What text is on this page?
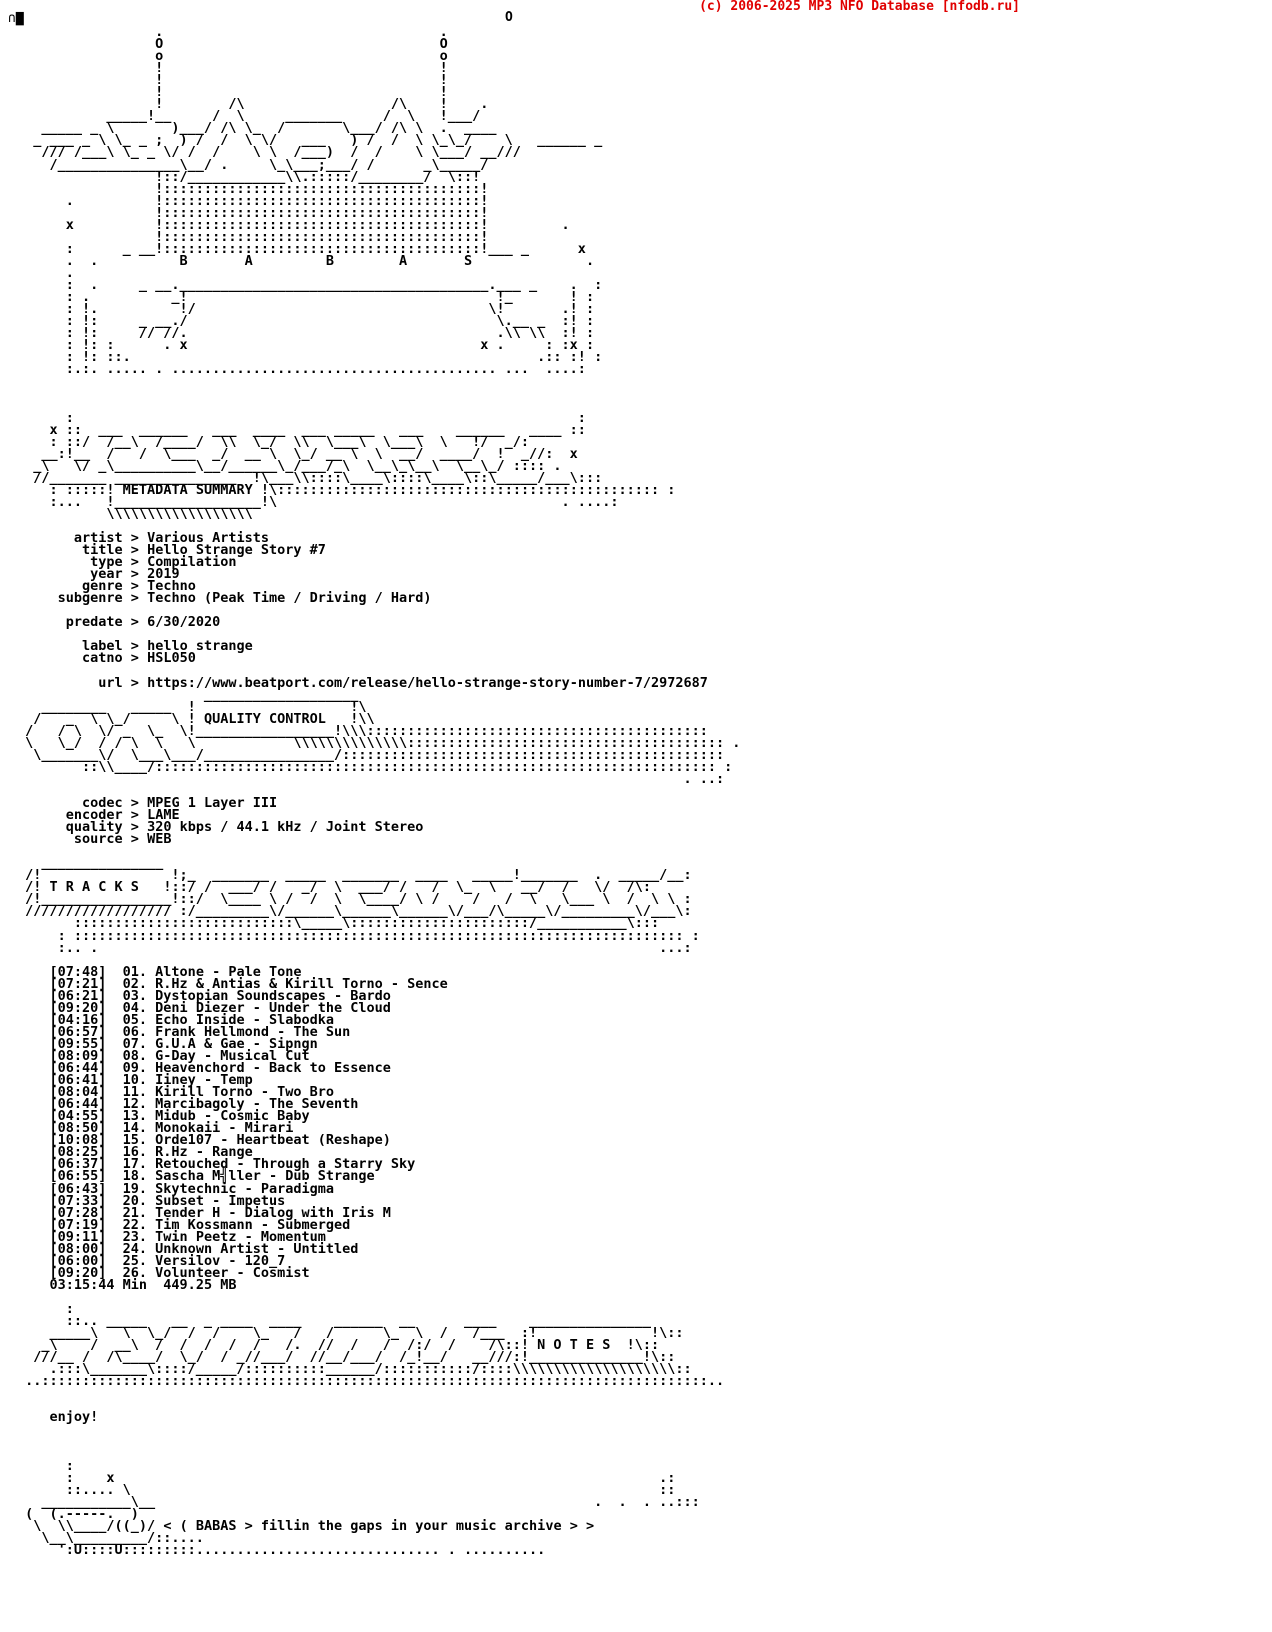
(c) 2006-2025 MP3 NFO Database [nfodb.ru]
O
∩▇
.                                  .
O                                  O
o                                  o
!                                  !
!                                  !
!                                  !
!        /\                  /\    !    .
_____!__     /  \     _______     /  \   !___/
_____ _ \       )___/ /\ \_  /       \___/ /\ \  .  ____
_ ___ _ \ \_ _ ;  ) /  /  \ \/   ___   ) /  /  \ \_\_/    \   ______ _
/// /___\ \_ _ \/ /  /    \ \  /___)  /  /    \ \___/ __///
/_______________\__/ .     \_\___;___/ /      _\_____/
!::/____________\\.:::::/________/  \::!
!:::::::::::::::::::::::::::::::::::::::!
.          !:::::::::::::::::::::::::::::::::::::::!
!:::::::::::::::::::::::::::::::::::::::!
x          !:::::::::::::::::::::::::::::::::::::::!         .
!:::::::::::::::::::::::::::::::::::::::!
:      _ __!:::::::::::::::::::::::::::::::::::::::!___ _      x
.  .          B       A         B        A       S              .
.
:  .     _ __.______________________________________.___ _    .  :
: .          _!                                      !_       ! :
: !.          !/                                    \!       .! :
: !:     _ __./                                      \.__ _  :! :
: !:     // //.                                      .\\ \\  :! :
: !: :      . x                                    x .     : :x :
: !: ::.                                                  .:: :! :
:.:. ..... . ........................................ ...  ....:

:                                                              :
x ::  ___  ______   ___  ____  ___ _____   ___    ______   ____ ::
: ::/  /__\  /____/  \\  \_/  \\  \___\  \___\  \   !/  _/:
__:!__  /   /  \___  _/  __ \  \_/ __ \  \  __/  ____/  !  _//:  x
_\   \/ _\__________\__/______\_/___/_\  \__\_\__\  \__\_/ :::: .
//_______ _______________  !\___\\::::\____\::::\____\::\_____/___\:::
: :::::! METADATA SUMMARY !\::::::::::::::::::::::::::::::::::::::::::::::: :
:...   !__________________!\                                   . ....:
\\\\\\\\\\\\\\\\\\

artist > Various Artists
title > Hello Strange Story #7
type > Compilation
year > 2019
genre > Techno
subgenre > Techno (Peak Time / Driving / Hard)

predate > 6/30/2020

label > hello strange
catno > HSL050

url > https://www.beatport.com/release/hello-strange-story-number-7/2972687
___________________
________   _____  !                   !\
/   _  \ \_/     \ ! QUALITY CONTROL   !\\
/   / \  \/ _  \_  \!_________________!\\\::::::::::::::::::::::::::::::::::::::::::
\   \_/  / / \  \   \            \\\\\\\\\\\\\\::::::::::::::::::::::::::::::::::::::: .
\_______\/  \___\___/________________/:::::::::::::::::::::::::::::::::::::::::::::::
::\\____/::::::::::::::::::::::::::::::::::::::::::::::::::::::::::::::::::::: :
. ..:

codec > MPEG 1 Layer III
encoder > LAME
quality > 320 kbps / 44.1 kHz / Joint Stereo
source > WEB

_______________
/!                !;_  _______  _____  _______  ____   _____!_______  .  _____/__:
/! T R A C K S   !::/ /  ___/ /   _/  \  ___/ /   /  \_  \   __/  /   \/  /\:
/!________________!::/  \____ \ /  /  \  \____/ \ /    /   /  \   \___ \  /  \ \ :
////////////////// :/_________\/______\______\______\/___/\_____\/_________\/___\:
:::::::::::::::::::::::::::\_____\::::::::::::::::::::::/___________\:::
: ::::::::::::::::::::::::::::::::::::::::::::::::::::::::::::::::::::::::::: :
:.. .                                                                     ...:

[07:48]  01. Altone - Pale Tone
[07:21]  02. R.Hz & Antias & Kirill Torno - Sence
[06:21]  03. Dystopian Soundscapes - Bardo
[09:20]  04. Deni Diezer - Under the Cloud
[04:16]  05. Echo Inside - Slabodka
[06:57]  06. Frank Hellmond - The Sun
[09:55]  07. G.U.A & Gae - Sipngn
[08:09]  08. G-Day - Musical Cut
[06:44]  09. Heavenchord - Back to Essence
[06:41]  10. Iiney - Temp
[08:04]  11. Kirill Torno - Two Bro
[06:44]  12. Marcibagoly - The Seventh
[04:55]  13. Midub - Cosmic Baby
[08:50]  14. Monokaii - Mirari
[10:08]  15. Orde107 - Heartbeat (Reshape)
[08:25]  16. R.Hz - Range
[06:37]  17. Retouched - Through a Starry Sky
[06:55]  18. Sascha M╣ller - Dub Strange
[06:43]  19. Skytechnic - Paradigma
[07:33]  20. Subset - Impetus
[07:28]  21. Tender H - Dialog with Iris M
[07:19]  22. Tim Kossmann - Submerged
[09:11]  23. Twin Peetz - Momentum
[08:00]  24. Unknown Artist - Untitled
[06:00]  25. Versilov - 120_7
[09:20]  26. Volunteer - Cosmist
03:15:44 Min  449.25 MB

:
::.. _____   __  _ ____  ____    ______  __      ____    _______________
_____\   \  \_/  /  /    \_   /   /      \_  \  /   /___  :!              !\::
_\    /  __\  /  /  /  /  /   /.  //  /   /  /:/  /    /\::! N O T E S  !\::
///__ /  /\____/  \_/  / _//___/  //__/___/  /_!__/   __///:!______________!\::
.:::\_______\::::/_____/::::::::::______/:::::::::::/::::\\\\\\\\\\\\\\\\\\\\::
..::::::::::::::::::::::::::::::::::::::::::::::::::::::::::::::::::::::::::::::::::..

enjoy!

:
:    x                                                                   .:
::.... \                                                                 ::
___________\__                                                      .  .  . ..:::
(  (.-----.  )
\  \\____/((_)/ < ( BABAS > fillin the gaps in your music archive > >
\__\_________/::....
':U::::U:::::::::.............................. . ..........
